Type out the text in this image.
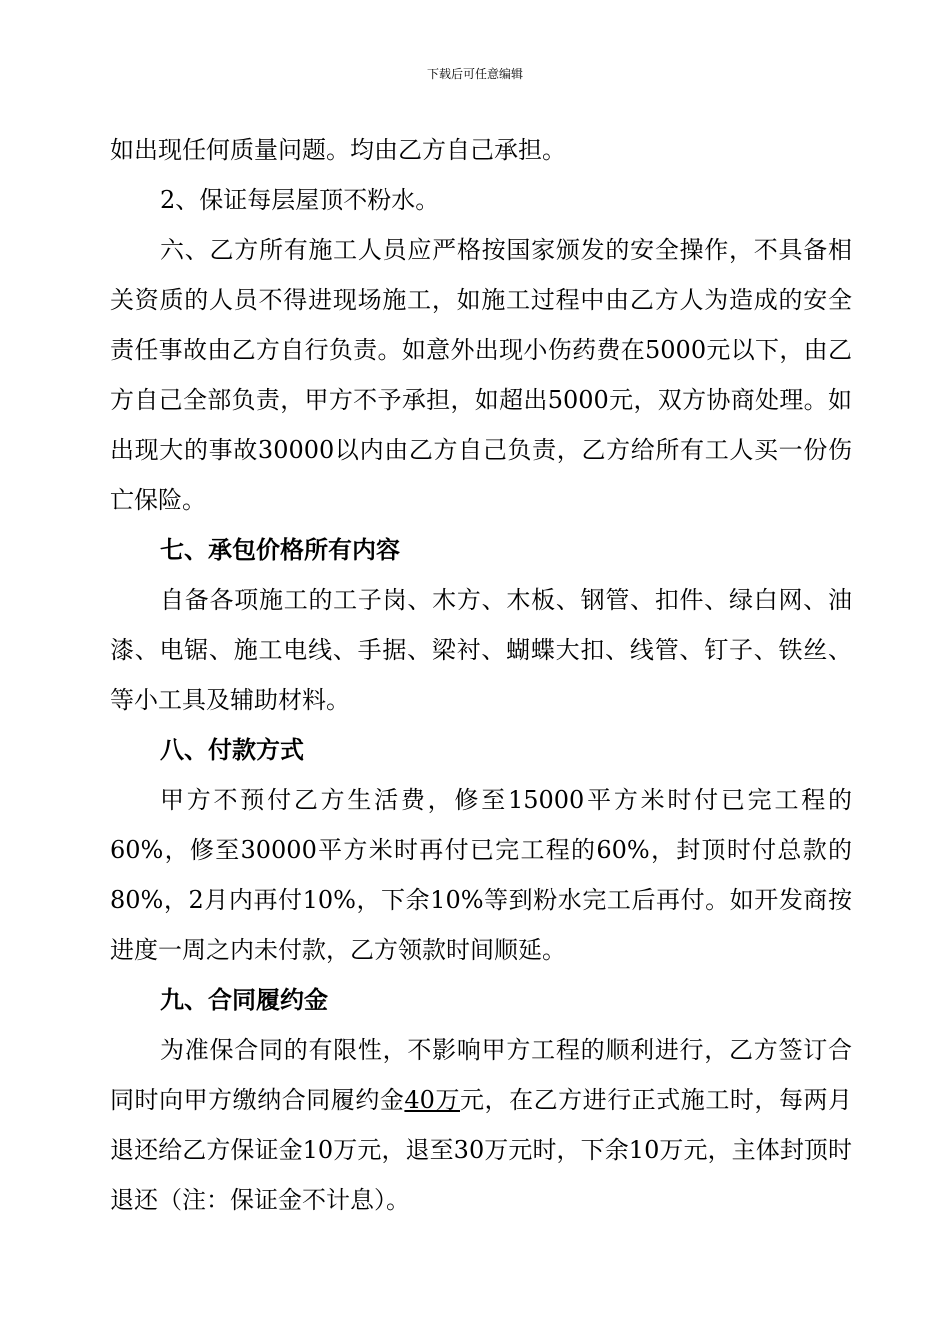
下载后可任意编辑

如出现任何质量问题。均由乙方自己承担。

2、保证每层屋顶不粉水。

六、乙方所有施工人员应严格按国家颁发的安全操作，不具备相关资质的人员不得进现场施工，如施工过程中由乙方人为造成的安全责任事故由乙方自行负责。如意外出现小伤药费在5000元以下，由乙方自己全部负责，甲方不予承担，如超出5000元，双方协商处理。如出现大的事故30000以内由乙方自己负责，乙方给所有工人买一份伤亡保险。

七、承包价格所有内容

自备各项施工的工子岗、木方、木板、钢管、扣件、绿白网、油漆、电锯、施工电线、手据、梁衬、蝴蝶大扣、线管、钉子、铁丝、等小工具及辅助材料。

八、付款方式

甲方不预付乙方生活费，修至15000平方米时付已完工程的60%，修至30000平方米时再付已完工程的60%，封顶时付总款的80%，2月内再付10%，下余10%等到粉水完工后再付。如开发商按进度一周之内未付款，乙方领款时间顺延。

九、合同履约金

为准保合同的有限性，不影响甲方工程的顺利进行，乙方签订合同时向甲方缴纳合同履约金40万元，在乙方进行正式施工时，每两月退还给乙方保证金10万元，退至30万元时，下余10万元，主体封顶时退还（注：保证金不计息）。
